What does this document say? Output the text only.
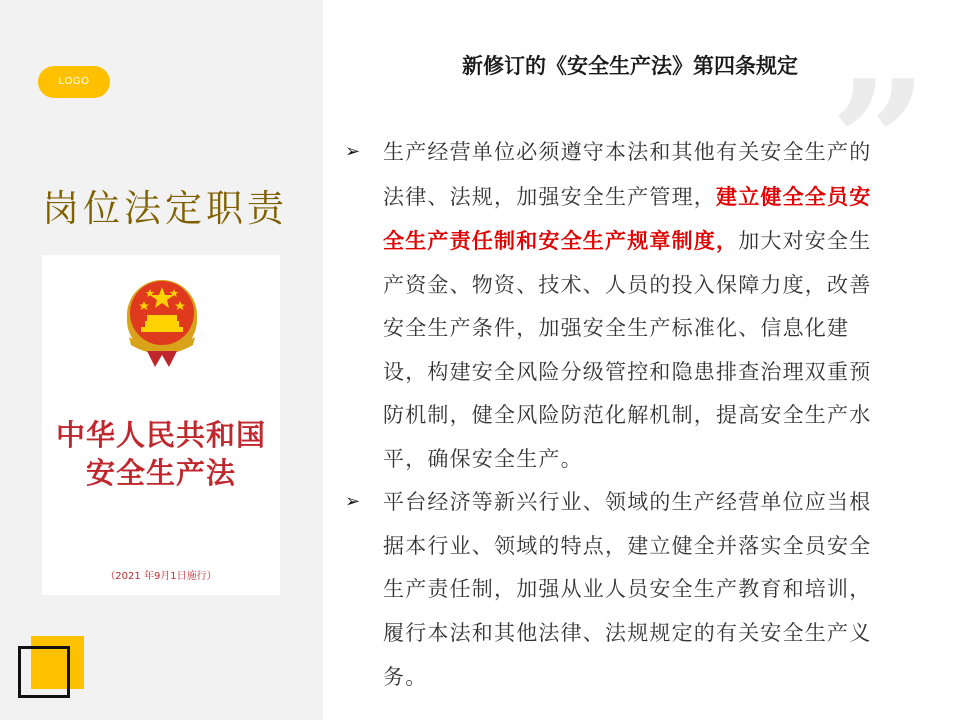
LOGO
岗位法定职责
中华人民共和国
安全生产法
（2021 年9月1日施行）
”
新修订的《安全生产法》第四条规定
➢ 生产经营单位必须遵守本法和其他有关安全生产的法律、法规，加强安全生产管理，建立健全全员安全生产责任制和安全生产规章制度，加大对安全生产资金、物资、技术、人员的投入保障力度，改善安全生产条件，加强安全生产标准化、信息化建设，构建安全风险分级管控和隐患排查治理双重预防机制，健全风险防范化解机制，提高安全生产水平，确保安全生产。
➢ 平台经济等新兴行业、领域的生产经营单位应当根据本行业、领域的特点，建立健全并落实全员安全生产责任制，加强从业人员安全生产教育和培训，履行本法和其他法律、法规规定的有关安全生产义务。
